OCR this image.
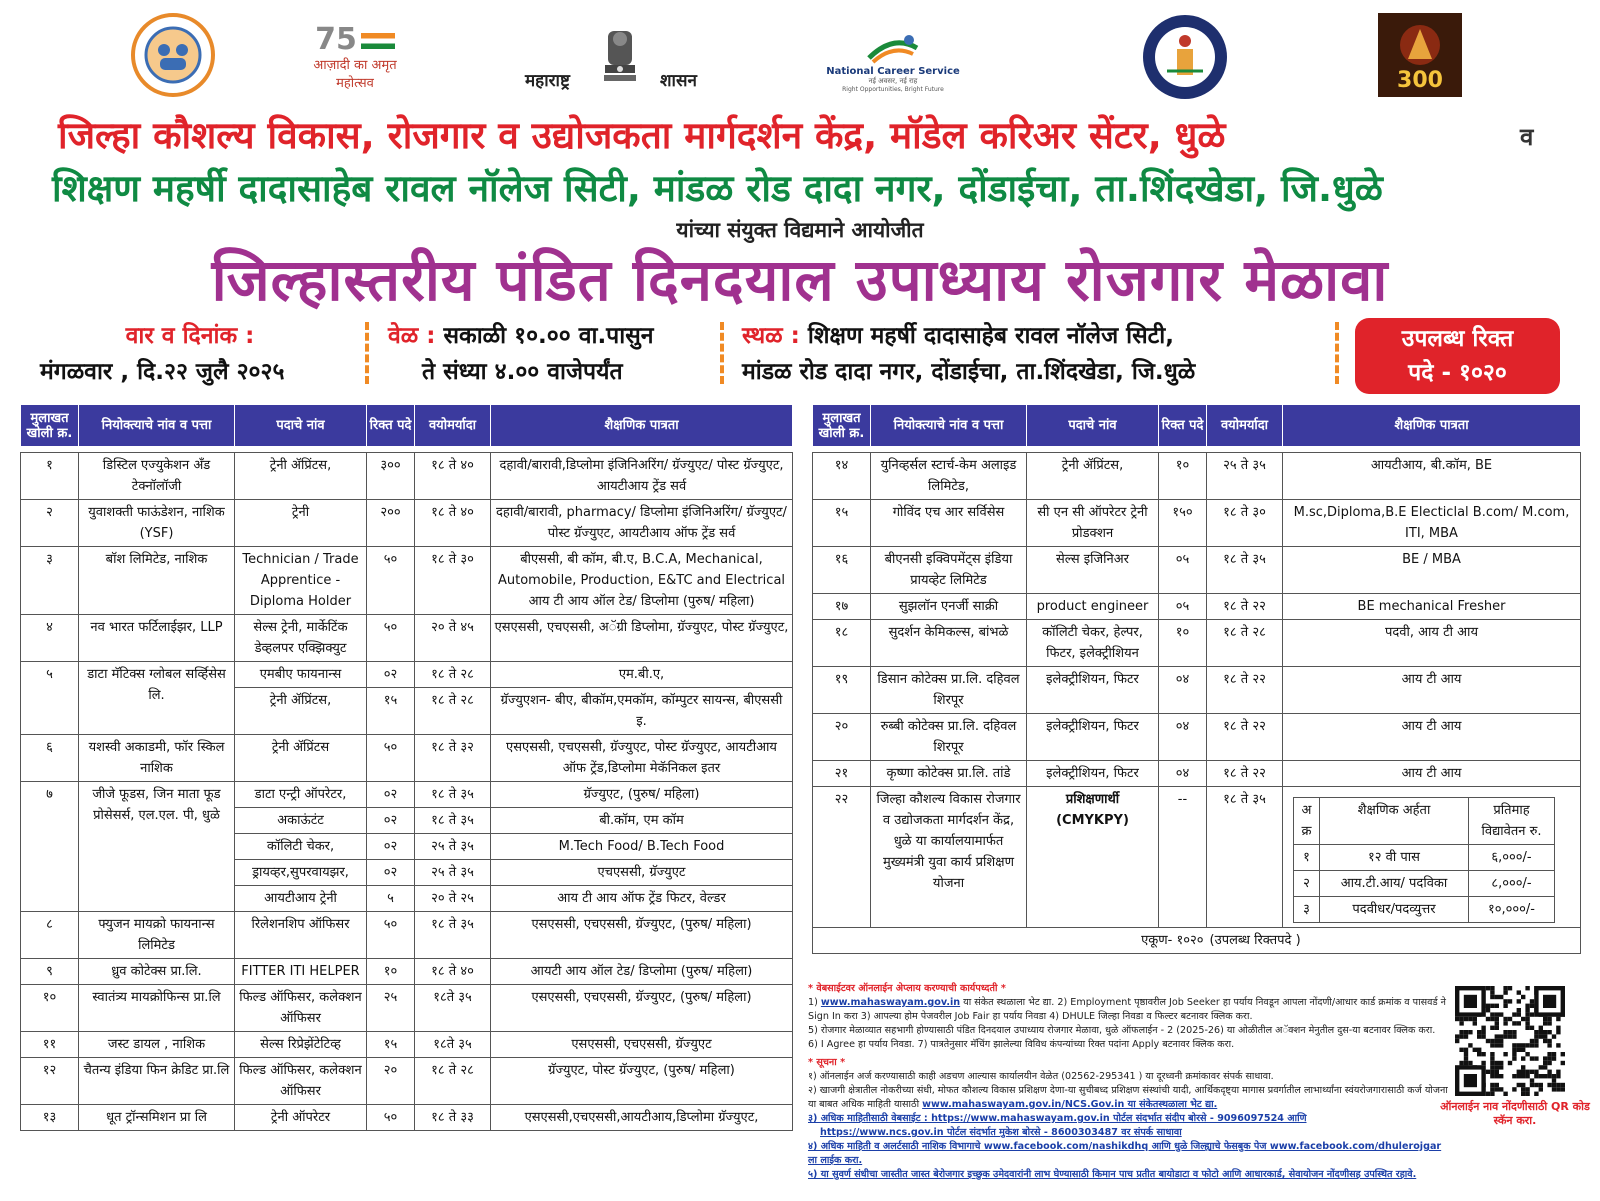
75
आज़ादी का अमृत महोत्सव	महाराष्ट्र	शासन	National Career Service
नई अवसर, नई राह
Right Opportunities, Bright Future	300
जिल्हा कौशल्य विकास, रोजगार व उद्योजकता मार्गदर्शन केंद्र, मॉडेल करिअर सेंटर, धुळे	व
शिक्षण महर्षी दादासाहेब रावल नॉलेज सिटी, मांडळ रोड दादा नगर, दोंडाईचा, ता.शिंदखेडा, जि.धुळे
यांच्या संयुक्त विद्यमाने आयोजीत
जिल्हास्तरीय पंडित दिनदयाल उपाध्याय रोजगार मेळावा
वार व दिनांक :
मंगळवार , दि.२२ जुलै २०२५
वेळ : सकाळी १०.०० वा.पासुन
ते संध्या ४.०० वाजेपर्यंत
स्थळ : शिक्षण महर्षी दादासाहेब रावल नॉलेज सिटी,
मांडळ रोड दादा नगर, दोंडाईचा, ता.शिंदखेडा, जि.धुळे
उपलब्ध रिक्त
पदे - १०२०
मुलाखत खोली क्र.	नियोक्त्याचे नांव व पत्ता	पदाचे नांव	रिक्त पदे	वयोमर्यादा	शैक्षणिक पात्रता

१	डिस्टिल एज्युकेशन अँड टेक्नॉलॉजी	ट्रेनी ॲप्रिंटस,	३००	१८ ते ४०	दहावी/बारावी,डिप्लोमा इंजिनिअरिंग/ ग्रॅज्युएट/ पोस्ट ग्रॅज्युएट, आयटीआय ट्रेंड सर्व
२	युवाशक्ती फाऊंडेशन, नाशिक (YSF)	ट्रेनी	२००	१८ ते ४०	दहावी/बारावी, pharmacy/ डिप्लोमा इंजिनिअरिंग/ ग्रॅज्युएट/ पोस्ट ग्रॅज्युएट, आयटीआय ऑफ ट्रेंड सर्व
३	बॉश लिमिटेड, नाशिक	Technician / Trade Apprentice - Diploma Holder	५०	१८ ते ३०	बीएससी, बी कॉम, बी.ए, B.C.A, Mechanical, Automobile, Production, E&TC and Electrical आय टी आय ऑल टेड/ डिप्लोमा (पुरुष/ महिला)
४	नव भारत फर्टिलाईझर, LLP	सेल्स ट्रेनी, मार्केटिंक डेव्हलपर एक्झिक्युट	५०	२० ते ४५	एसएससी, एचएससी, अॅग्री डिप्लोमा, ग्रॅज्युएट, पोस्ट ग्रॅज्युएट,
५	डाटा मॅटिक्स ग्लोबल सर्व्हिसेस लि.	एमबीए फायनान्स	०२	१८ ते २८	एम.बी.ए,
		ट्रेनी ॲप्रिंटस,	१५	१८ ते २८	ग्रॅज्युएशन- बीए, बीकॉम,एमकॉम, कॉम्पुटर सायन्स, बीएससी इ.
६	यशस्वी अकाडमी, फॉर स्किल नाशिक	ट्रेनी ॲप्रिंटस	५०	१८ ते ३२	एसएससी, एचएससी, ग्रॅज्युएट, पोस्ट ग्रॅज्युएट, आयटीआय ऑफ ट्रेंड,डिप्लोमा मेकॅनिकल इतर
७	जीजे फूडस, जिन माता फूड प्रोसेसर्स, एल.एल. पी, धुळे	डाटा एन्ट्री ऑपरेटर,	०२	१८ ते ३५	ग्रॅज्युएट, (पुरुष/ महिला)
		अकाऊंटंट	०२	१८ ते ३५	बी.कॉम, एम कॉम
		कॉलिटी चेकर,	०२	२५ ते ३५	M.Tech Food/ B.Tech Food
		ड्रायव्हर,सुपरवायझर,	०२	२५ ते ३५	एचएससी, ग्रॅज्युएट
		आयटीआय ट्रेनी	५	२० ते २५	आय टी आय ऑफ ट्रेंड फिटर, वेल्डर
८	फ्युजन मायक्रो फायनान्स लिमिटेड	रिलेशनशिप ऑफिसर	५०	१८ ते ३५	एसएससी, एचएससी, ग्रॅज्युएट, (पुरुष/ महिला)
९	ध्रुव कोटेक्स प्रा.लि.	FITTER ITI HELPER	१०	१८ ते ४०	आयटी आय ऑल टेड/ डिप्लोमा (पुरुष/ महिला)
१०	स्वातंत्र्य मायक्रोफिन्स प्रा.लि	फिल्ड ऑफिसर, कलेक्शन ऑफिसर	२५	१८ते ३५	एसएससी, एचएससी, ग्रॅज्युएट, (पुरुष/ महिला)
११	जस्ट डायल , नाशिक	सेल्स रिप्रेझेंटेटिव्ह	१५	१८ते ३५	एसएससी, एचएससी, ग्रॅज्युएट
१२	चैतन्य इंडिया फिन क्रेडिट प्रा.लि	फिल्ड ऑफिसर, कलेक्शन ऑफिसर	२०	१८ ते २८	ग्रॅज्युएट, पोस्ट ग्रॅज्युएट, (पुरुष/ महिला)
१३	धूत ट्रॉन्समिशन प्रा लि	ट्रेनी ऑपरेटर	५०	१८ ते ३३	एसएससी,एचएससी,आयटीआय,डिप्लोमा ग्रॅज्युएट,
मुलाखत खोली क्र.	नियोक्त्याचे नांव व पत्ता	पदाचे नांव	रिक्त पदे	वयोमर्यादा	शैक्षणिक पात्रता

१४	युनिव्हर्सल स्टार्च-केम अलाइड लिमिटेड,	ट्रेनी ॲप्रिंटस,	१०	२५ ते ३५	आयटीआय, बी.कॉम, BE
१५	गोविंद एच आर सर्विसेस	सी एन सी ऑपरेटर ट्रेनी प्रोडक्शन	१५०	१८ ते ३०	M.sc,Diploma,B.E Electiclal B.com/ M.com, ITI, MBA
१६	बीएनसी इक्विपमेंट्स इंडिया प्रायव्हेट लिमिटेड	सेल्स इजिनिअर	०५	१८ ते ३५	BE / MBA
१७	सुझलॉन एनर्जी साक्री	product engineer	०५	१८ ते २२	BE mechanical Fresher
१८	सुदर्शन केमिकल्स, बांभळे	कॉलिटी चेकर, हेल्पर, फिटर, इलेक्ट्रीशियन	१०	१८ ते २८	पदवी, आय टी आय
१९	डिसान कोटेक्स प्रा.लि. दहिवल शिरपूर	इलेक्ट्रीशियन, फिटर	०४	१८ ते २२	आय टी आय
२०	रुब्बी कोटेक्स प्रा.लि. दहिवल शिरपूर	इलेक्ट्रीशियन, फिटर	०४	१८ ते २२	आय टी आय
२१	कृष्णा कोटेक्स प्रा.लि. तांडे	इलेक्ट्रीशियन, फिटर	०४	१८ ते २२	आय टी आय
२२	जिल्हा कौशल्य विकास रोजगार व उद्योजकता मार्गदर्शन केंद्र, धुळे या कार्यालयामार्फत मुख्यमंत्री युवा कार्य प्रशिक्षण योजना	प्रशिक्षणार्थी (CMYKPY)	--	१८ ते ३५	
अ क्र	शैक्षणिक अर्हता	प्रतिमाह विद्यावेतन रु.
१	१२ वी पास	६,०००/-
२	आय.टी.आय/ पदविका	८,०००/-
३	पदवीधर/पदव्युत्तर	१०,०००/-

एकूण- १०२०	(उपलब्ध रिक्तपदे )
* वेबसाईटवर ऑनलाईन अेप्लाय करण्याची कार्यपध्दती *
1) www.mahaswayam.gov.in या संकेत स्थळाला भेट द्या. 2) Employment पृष्ठावरील Job Seeker हा पर्याय निवडून आपला नोंदणी/आधार कार्ड क्रमांक व पासवर्ड ने Sign In करा 3) आपल्या होम पेजवरील Job Fair हा पर्याय निवडा 4) DHULE जिल्हा निवडा व फिल्टर बटनावर क्लिक करा.
5) रोजगार मेळाव्यात सहभागी होण्यासाठी पंडित दिनदयाल उपाध्याय रोजगार मेळावा, धुळे ऑफलाईन - 2 (2025-26) या ओळीतील अॅक्शन मेनुतील दुस-या बटनावर क्लिक करा. 6) I Agree हा पर्याय निवडा. 7) पात्रतेनुसार मॅचिंग झालेल्या विविध कंपन्यांच्या रिक्त पदांना Apply बटनावर क्लिक करा.
* सूचना *
१) ऑनलाईन अर्ज करण्यासाठी काही अडचण आल्यास कार्यालयीन वेळेत (02562-295341 ) या दूरध्वनी क्रमांकावर संपर्क साधावा.
२) खाजगी क्षेत्रातील नोकरीच्या संधी, मोफत कौशल्य विकास प्रशिक्षण देणा-या सुचीबध्द प्रशिक्षण संस्थांची यादी, आर्थिकदृष्ट्या मागास प्रवर्गातील लाभार्थ्यांना स्वंयरोजगारासाठी कर्ज योजना या बाबत अधिक माहिती यासाठी www.mahaswayam.gov.in/NCS.Gov.in या संकेतस्थळाला भेट द्या.
३) अधिक माहितीसाठी वेबसाईट : https://www.mahaswayam.gov.in पोर्टल संदर्भात संदीप बोरसे - 9096097524 आणि
https://www.ncs.gov.in पोर्टल संदर्भात मुकेश बोरसे - 8600303487 वर संपर्क साधावा
४) अधिक माहिती व अलर्टसाठी नाशिक विभागाचे www.facebook.com/nashikdhq आणि धुळे जिल्ह्याचे फेसबुक पेज www.facebook.com/dhulerojgar ला लाईक करा.
५) या सुवर्ण संधीचा जास्तीत जास्त बेरोजगार इच्छुक उमेदवारांनी लाभ घेण्यासाठी किमान पाच प्रतीत बायोडाटा व फोटो आणि आधारकार्ड, सेवायोजन नोंदणीसह उपस्थित रहावे.
ऑनलाईन नाव नोंदणीसाठी QR कोड स्कॅन करा.
